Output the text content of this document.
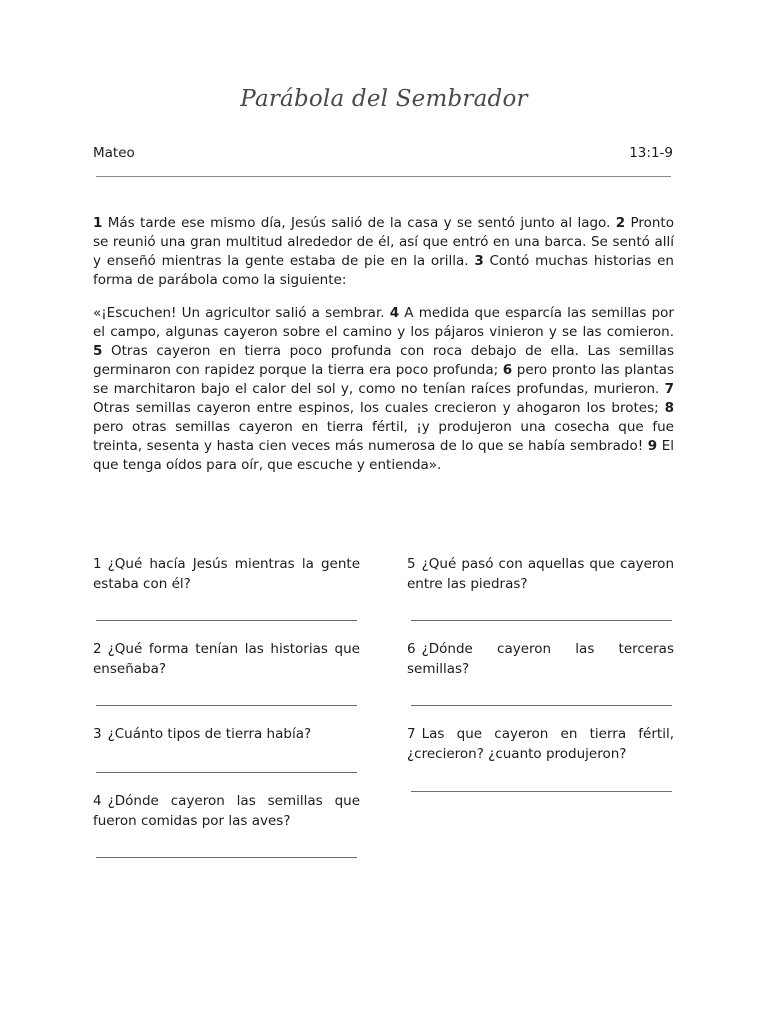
Parábola del Sembrador
Mateo	13:1-9

1 Más tarde ese mismo día, Jesús salió de la casa y se sentó junto al lago. 2 Pronto se reunió una gran multitud alrededor de él, así que entró en una barca. Se sentó allí y enseñó mientras la gente estaba de pie en la orilla. 3 Contó muchas historias en forma de parábola como la siguiente:

«¡Escuchen! Un agricultor salió a sembrar. 4 A medida que esparcía las semillas por el campo, algunas cayeron sobre el camino y los pájaros vinieron y se las comieron. 5 Otras cayeron en tierra poco profunda con roca debajo de ella. Las semillas germinaron con rapidez porque la tierra era poco profunda; 6 pero pronto las plantas se marchitaron bajo el calor del sol y, como no tenían raíces profundas, murieron. 7 Otras semillas cayeron entre espinos, los cuales crecieron y ahogaron los brotes; 8 pero otras semillas cayeron en tierra fértil, ¡y produjeron una cosecha que fue treinta, sesenta y hasta cien veces más numerosa de lo que se había sembrado! 9 El que tenga oídos para oír, que escuche y entienda».

1 ¿Qué hacía Jesús mientras la gente estaba con él?
2 ¿Qué forma tenían las historias que enseñaba?
3 ¿Cuánto tipos de tierra había?
4 ¿Dónde cayeron las semillas que fueron comidas por las aves?
5 ¿Qué pasó con aquellas que cayeron entre las piedras?
6 ¿Dónde cayeron las terceras semillas?
7 Las que cayeron en tierra fértil, ¿crecieron? ¿cuanto produjeron?
